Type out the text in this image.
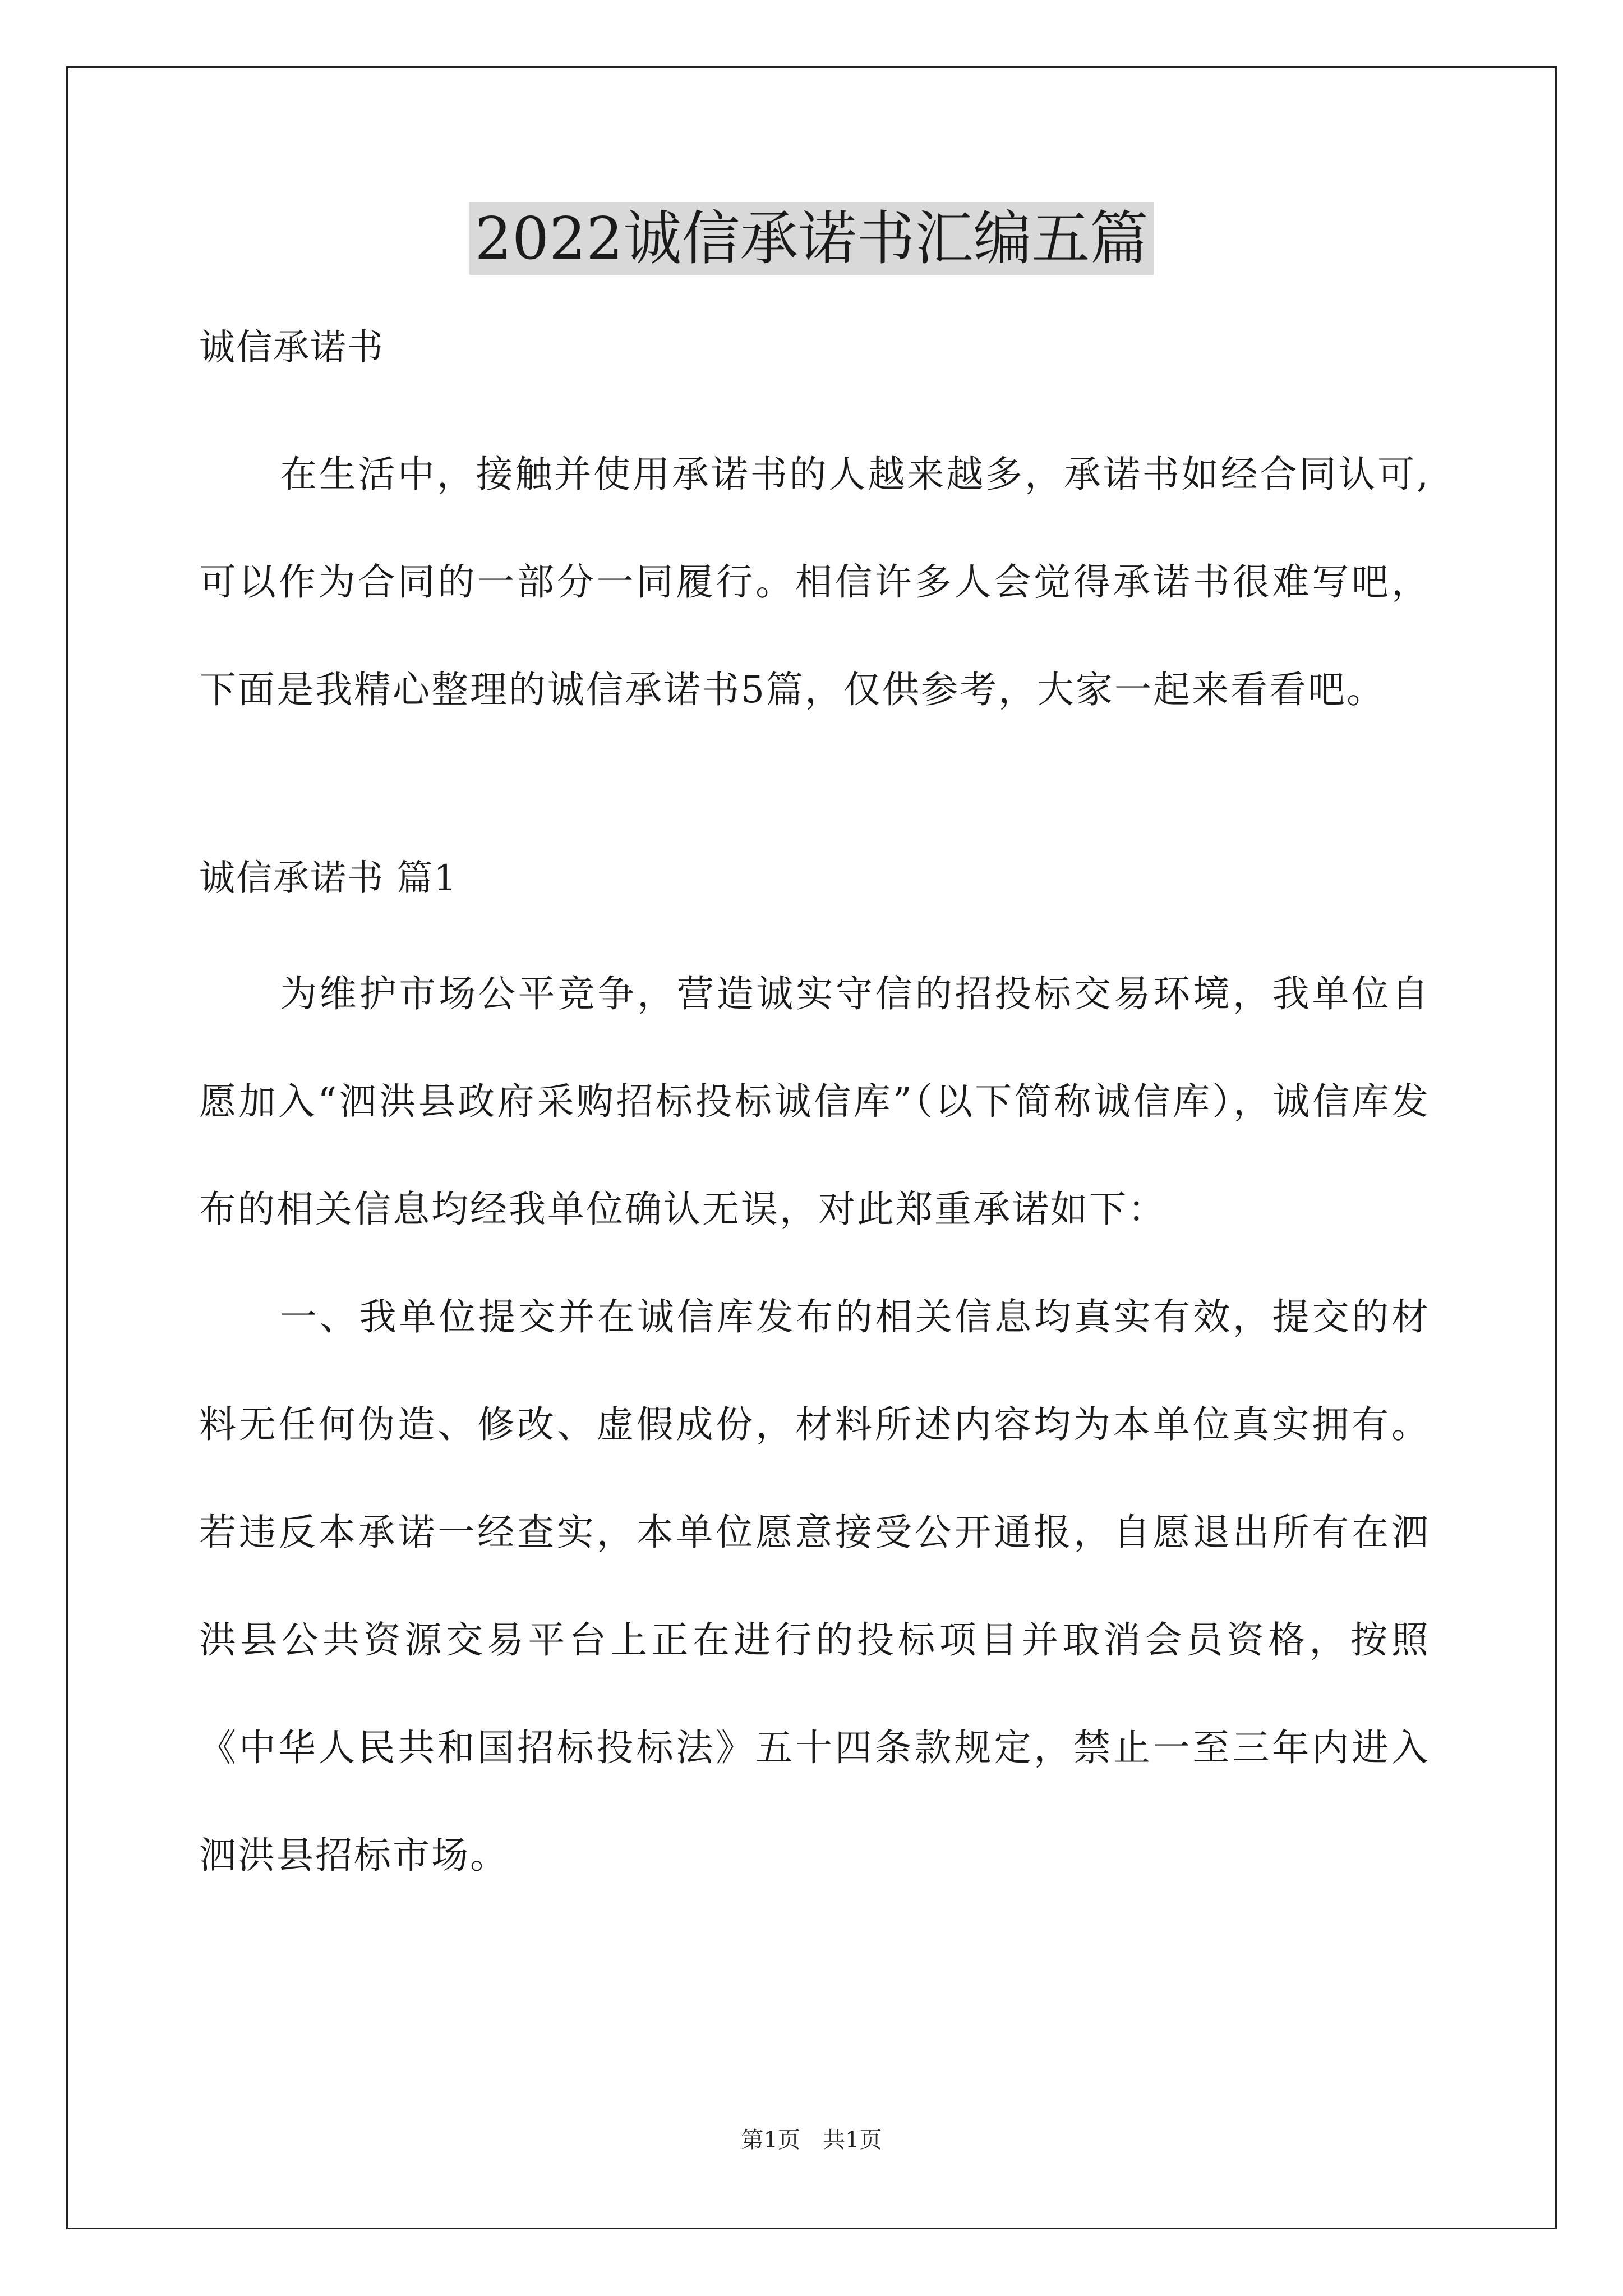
2022诚信承诺书汇编五篇

诚信承诺书

在生活中，接触并使用承诺书的人越来越多，承诺书如经合同认可,可以作为合同的一部分一同履行。相信许多人会觉得承诺书很难写吧，下面是我精心整理的诚信承诺书5篇，仅供参考，大家一起来看看吧。

诚信承诺书 篇1

为维护市场公平竞争，营造诚实守信的招投标交易环境，我单位自愿加入“泗洪县政府采购招标投标诚信库”（以下简称诚信库），诚信库发布的相关信息均经我单位确认无误，对此郑重承诺如下：

一、我单位提交并在诚信库发布的相关信息均真实有效，提交的材料无任何伪造、修改、虚假成份，材料所述内容均为本单位真实拥有。若违反本承诺一经查实，本单位愿意接受公开通报，自愿退出所有在泗洪县公共资源交易平台上正在进行的投标项目并取消会员资格，按照《中华人民共和国招标投标法》五十四条款规定，禁止一至三年内进入泗洪县招标市场。

第1页　共1页
